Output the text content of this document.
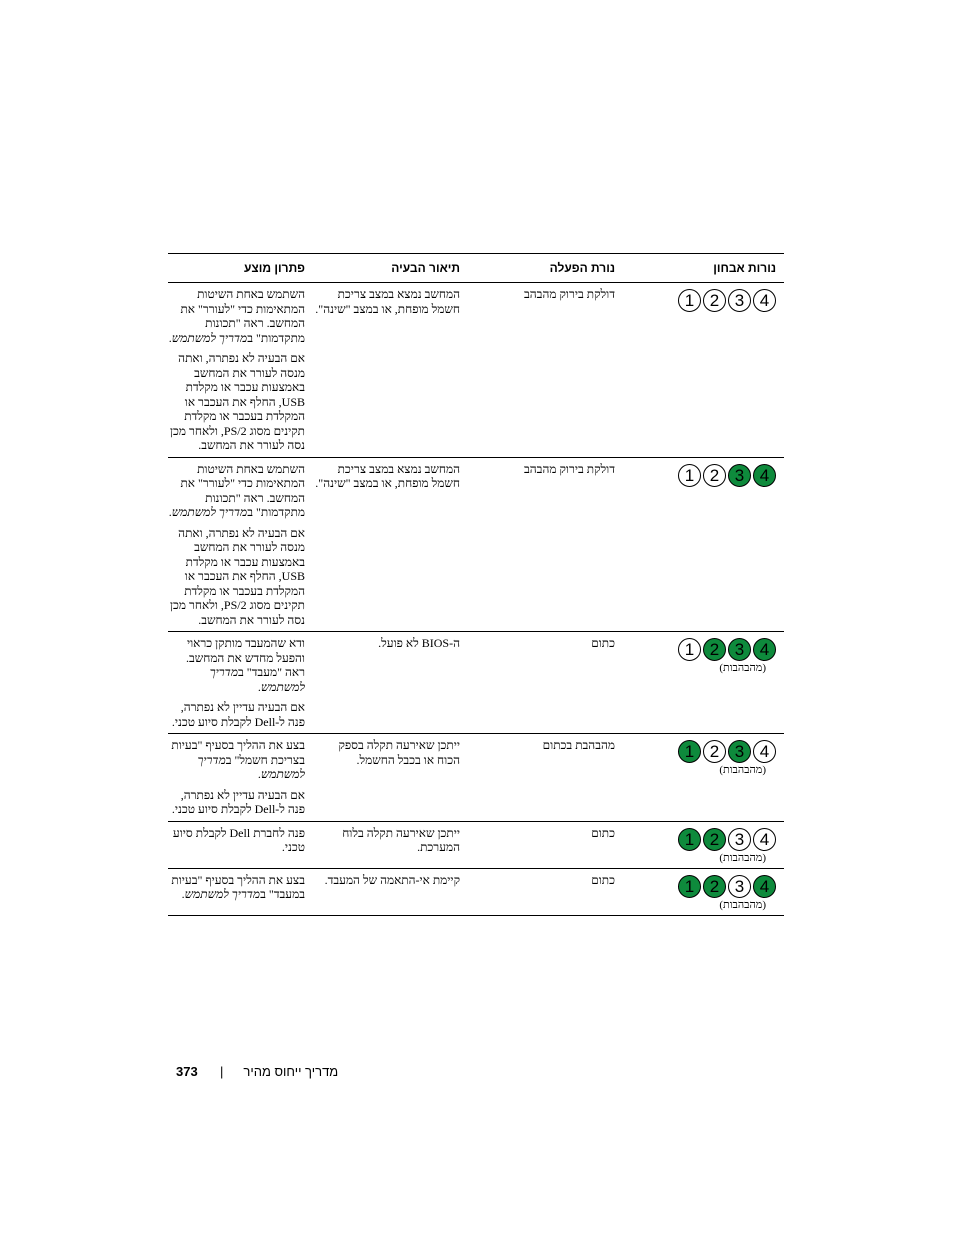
נורות אבחון
נורת הפעלה
תיאור הבעיה
פתרון מוצע
1 2 3 4
דולקת בירוק מהבהב
המחשב נמצא במצב צריכת חשמל מופחת, או במצב "שינה".

השתמש באחת השיטות המתאימות כדי "לעורר" את המחשב. ראה "תכונות מתקדמות" במדריך למשתמש.

אם הבעיה לא נפתרה, ואתה מנסה לעורר את המחשב באמצעות עכבר או מקלדת USB, החלף את העכבר או המקלדת בעכבר או מקלדת תקינים מסוג PS/2, ולאחר מכן נסה לעורר את המחשב.

1 2 3 4
דולקת בירוק מהבהב
המחשב נמצא במצב צריכת חשמל מופחת, או במצב "שינה".

השתמש באחת השיטות המתאימות כדי "לעורר" את המחשב. ראה "תכונות מתקדמות" במדריך למשתמש.

אם הבעיה לא נפתרה, ואתה מנסה לעורר את המחשב באמצעות עכבר או מקלדת USB, החלף את העכבר או המקלדת בעכבר או מקלדת תקינים מסוג PS/2, ולאחר מכן נסה לעורר את המחשב.

1 2 3 4
(מהבהבות)
כתום
ה-BIOS לא פועל.

ודא שהמעבד מותקן כראוי והפעל מחדש את המחשב. ראה "מעבד" במדריך למשתמש.

אם הבעיה עדיין לא נפתרה, פנה ל-Dell לקבלת סיוע טכני.

1 2 3 4
(מהבהבות)
מהבהבת בכתום
ייתכן שאירעה תקלה בספק הכוח או בכבל החשמל.

בצע את ההליך בסעיף "בעיות בצריכת חשמל" במדריך למשתמש.

אם הבעיה עדיין לא נפתרה, פנה ל-Dell לקבלת סיוע טכני.

1 2 3 4
(מהבהבות)
כתום
ייתכן שאירעה תקלה בלוח המערכת.

פנה לחברת Dell לקבלת סיוע טכני.

1 2 3 4
(מהבהבות)
כתום
קיימת אי-התאמה של המעבד.

בצע את ההליך בסעיף "בעיות במעבד" במדריך למשתמש.

373 | מדריך ייחוס מהיר
